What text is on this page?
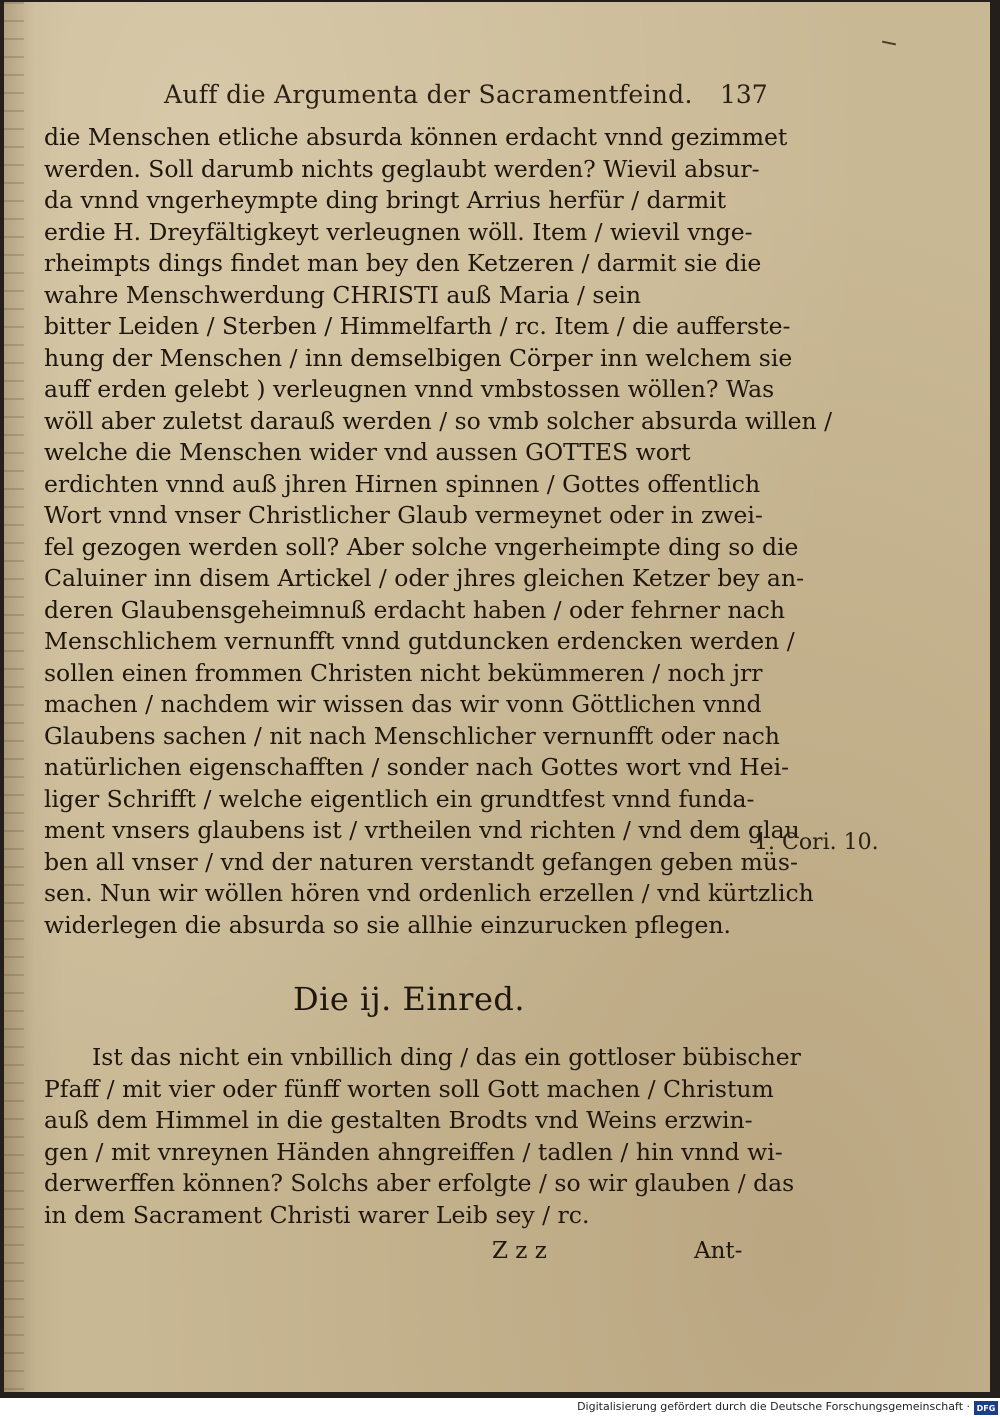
Auff die Argumenta der Sacramentfeind. 137
die Menschen etliche absurda können erdacht vnnd gezimmet
werden. Soll darumb nichts geglaubt werden? Wievil absur-
da vnnd vngerheympte ding bringt Arrius herfür / darmit
erdie H. Dreyfältigkeyt verleugnen wöll. Item / wievil vnge-
rheimpts dings findet man bey den Ketzeren / darmit sie die
wahre Menschwerdung CHRISTI auß Maria / sein
bitter Leiden / Sterben / Himmelfarth / rc. Item / die aufferste-
hung der Menschen / inn demselbigen Cörper inn welchem sie
auff erden gelebt ) verleugnen vnnd vmbstossen wöllen? Was
wöll aber zuletst darauß werden / so vmb solcher absurda willen /
welche die Menschen wider vnd aussen GOTTES wort
erdichten vnnd auß jhren Hirnen spinnen / Gottes offentlich
Wort vnnd vnser Christlicher Glaub vermeynet oder in zwei-
fel gezogen werden soll? Aber solche vngerheimpte ding so die
Caluiner inn disem Artickel / oder jhres gleichen Ketzer bey an-
deren Glaubensgeheimnuß erdacht haben / oder fehrner nach
Menschlichem vernunfft vnnd gutduncken erdencken werden /
sollen einen frommen Christen nicht bekümmeren / noch jrr
machen / nachdem wir wissen das wir vonn Göttlichen vnnd
Glaubens sachen / nit nach Menschlicher vernunfft oder nach
natürlichen eigenschafften / sonder nach Gottes wort vnd Hei-
liger Schrifft / welche eigentlich ein grundtfest vnnd funda-
ment vnsers glaubens ist / vrtheilen vnd richten / vnd dem glau
ben all vnser / vnd der naturen verstandt gefangen geben müs-
sen. Nun wir wöllen hören vnd ordenlich erzellen / vnd kürtzlich
widerlegen die absurda so sie allhie einzurucken pflegen.
1. Cori. 10.
Die ij. Einred.
Ist das nicht ein vnbillich ding / das ein gottloser bübischer
Pfaff / mit vier oder fünff worten soll Gott machen / Christum
auß dem Himmel in die gestalten Brodts vnd Weins erzwin-
gen / mit vnreynen Händen ahngreiffen / tadlen / hin vnnd wi-
derwerffen können? Solchs aber erfolgte / so wir glauben / das
in dem Sacrament Christi warer Leib sey / rc.
Z z z	Ant-
Digitalisierung gefördert durch die Deutsche Forschungsgemeinschaft · DFG
